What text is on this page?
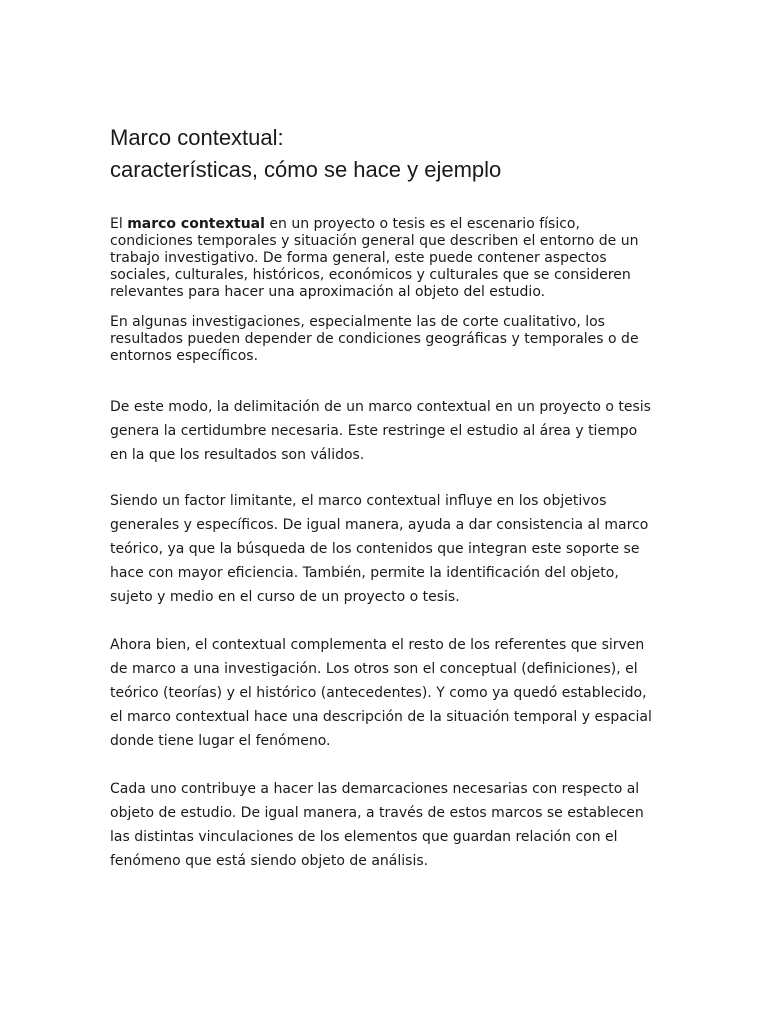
Marco contextual:
características, cómo se hace y ejemplo

El marco contextual en un proyecto o tesis es el escenario físico, condiciones temporales y situación general que describen el entorno de un trabajo investigativo. De forma general, este puede contener aspectos sociales, culturales, históricos, económicos y culturales que se consideren relevantes para hacer una aproximación al objeto del estudio.

En algunas investigaciones, especialmente las de corte cualitativo, los resultados pueden depender de condiciones geográficas y temporales o de entornos específicos.

De este modo, la delimitación de un marco contextual en un proyecto o tesis genera la certidumbre necesaria. Este restringe el estudio al área y tiempo en la que los resultados son válidos.

Siendo un factor limitante, el marco contextual influye en los objetivos generales y específicos. De igual manera, ayuda a dar consistencia al marco teórico, ya que la búsqueda de los contenidos que integran este soporte se hace con mayor eficiencia. También, permite la identificación del objeto, sujeto y medio en el curso de un proyecto o tesis.

Ahora bien, el contextual complementa el resto de los referentes que sirven de marco a una investigación. Los otros son el conceptual (definiciones), el teórico (teorías) y el histórico (antecedentes). Y como ya quedó establecido, el marco contextual hace una descripción de la situación temporal y espacial donde tiene lugar el fenómeno.

Cada uno contribuye a hacer las demarcaciones necesarias con respecto al objeto de estudio. De igual manera, a través de estos marcos se establecen las distintas vinculaciones de los elementos que guardan relación con el fenómeno que está siendo objeto de análisis.
